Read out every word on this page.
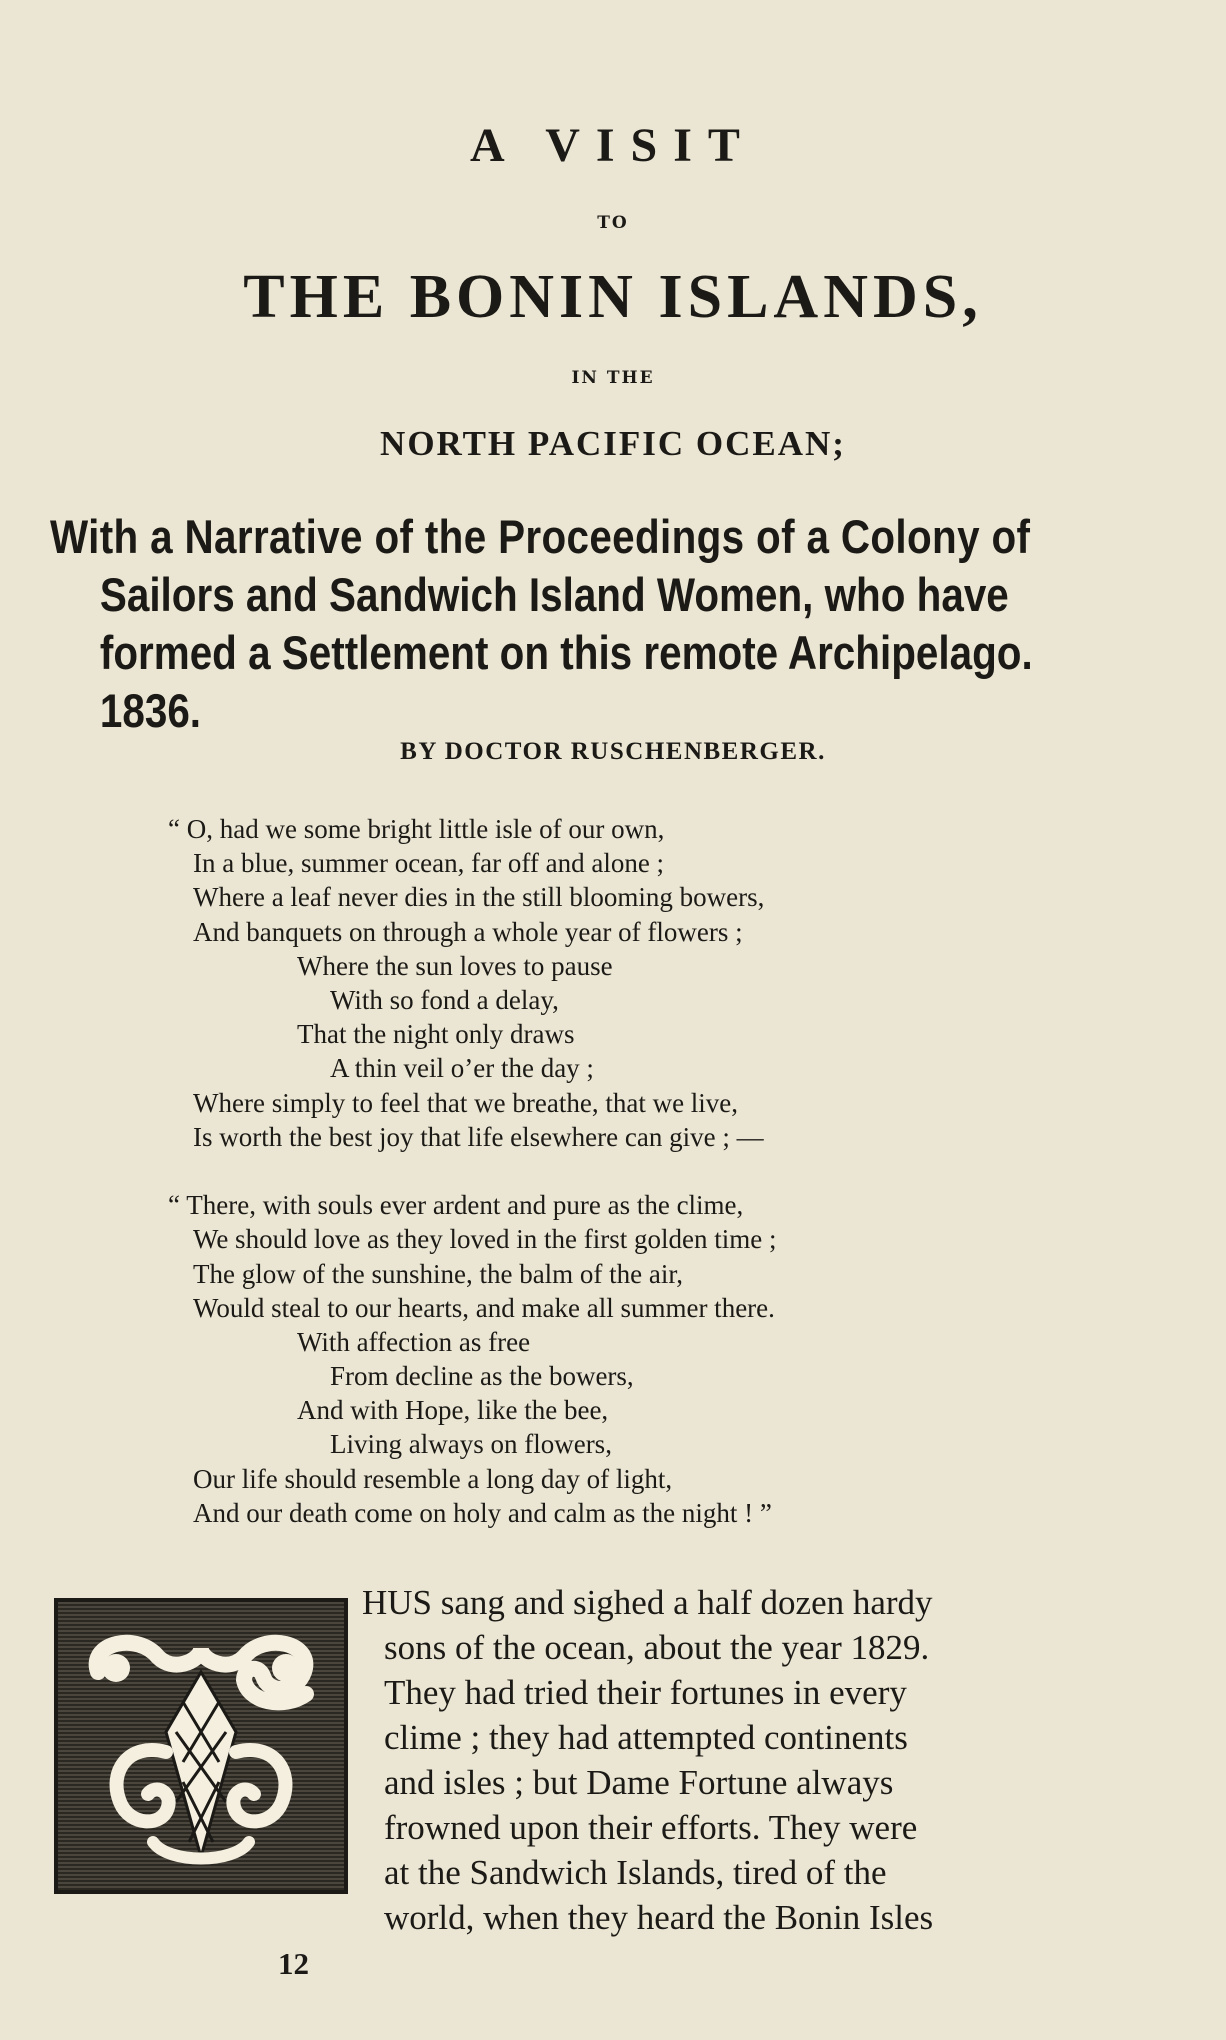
A VISIT
TO
THE BONIN ISLANDS,
IN THE
NORTH PACIFIC OCEAN;
With a Narrative of the Proceedings of a Colony of
Sailors and Sandwich Island Women, who have
formed a Settlement on this remote Archipelago.
1836.
BY DOCTOR RUSCHENBERGER.
“ O, had we some bright little isle of our own,
In a blue, summer ocean, far off and alone ;
Where a leaf never dies in the still blooming bowers,
And banquets on through a whole year of flowers ;
Where the sun loves to pause
With so fond a delay,
That the night only draws
A thin veil o’er the day ;
Where simply to feel that we breathe, that we live,
Is worth the best joy that life elsewhere can give ; —
“ There, with souls ever ardent and pure as the clime,
We should love as they loved in the first golden time ;
The glow of the sunshine, the balm of the air,
Would steal to our hearts, and make all summer there.
With affection as free
From decline as the bowers,
And with Hope, like the bee,
Living always on flowers,
Our life should resemble a long day of light,
And our death come on holy and calm as the night ! ”
HUS sang and sighed a half dozen hardy
sons of the ocean, about the year 1829.
They had tried their fortunes in every
clime ; they had attempted continents
and isles ; but Dame Fortune always
frowned upon their efforts. They were
at the Sandwich Islands, tired of the
world, when they heard the Bonin Isles
12
